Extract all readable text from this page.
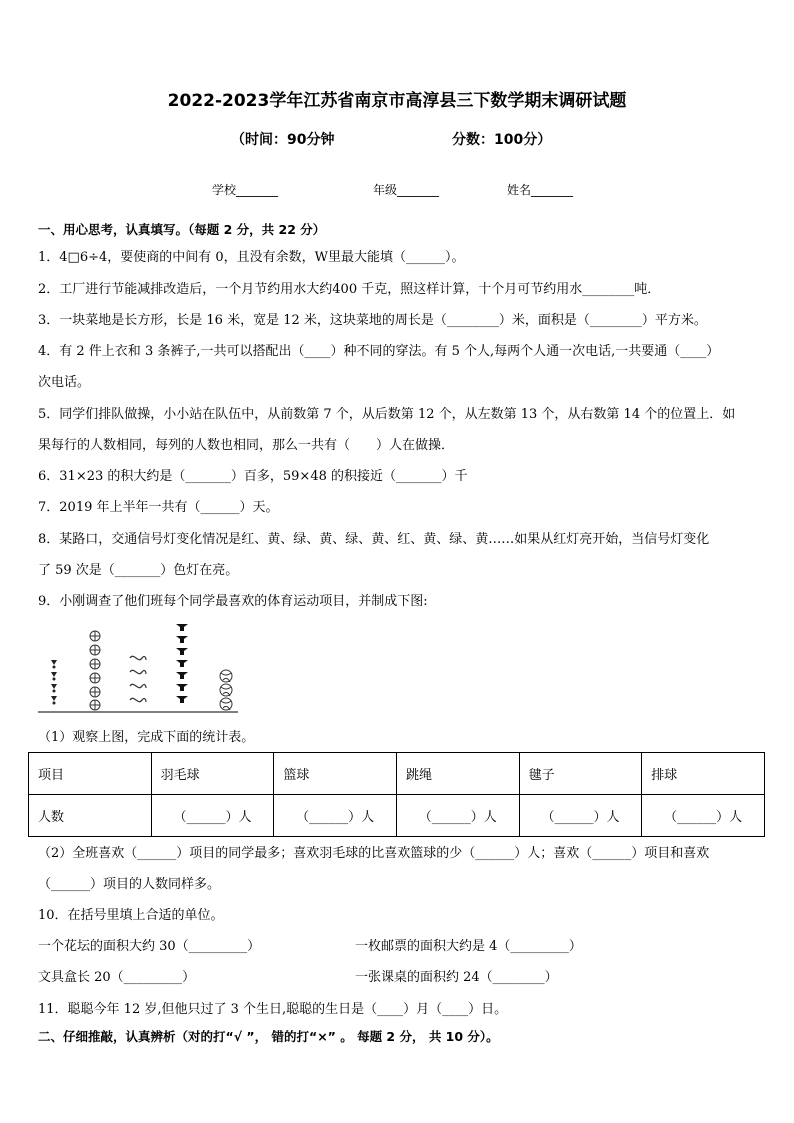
2022-2023学年江苏省南京市高淳县三下数学期末调研试题
（时间：90分钟	分数：100分）
学校_______	年级_______	姓名_______
一、用心思考，认真填写。（每题 2 分，共 22 分）
1．4□6÷4，要使商的中间有 0，且没有余数，W里最大能填（______）。
2．工厂进行节能减排改造后，一个月节约用水大约400 千克，照这样计算，十个月可节约用水________吨．
3．一块菜地是长方形，长是 16 米，宽是 12 米，这块菜地的周长是（________）米，面积是（________）平方米。
4．有 2 件上衣和 3 条裤子,一共可以搭配出（____）种不同的穿法。有 5 个人,每两个人通一次电话,一共要通（____）
次电话。
5．同学们排队做操，小小站在队伍中，从前数第 7 个，从后数第 12 个，从左数第 13 个，从右数第 14 个的位置上．如
果每行的人数相同，每列的人数也相同，那么一共有（　　）人在做操．
6．31×23 的积大约是（_______）百多，59×48 的积接近（_______）千
7．2019 年上半年一共有（______）天。
8．某路口，交通信号灯变化情况是红、黄、绿、黄、绿、黄、红、黄、绿、黄……如果从红灯亮开始，当信号灯变化
了 59 次是（_______）色灯在亮。
9．小刚调查了他们班每个同学最喜欢的体育运动项目，并制成下图:
（1）观察上图，完成下面的统计表。
项目	羽毛球	篮球	跳绳	毽子	排球
人数	（______）人	（______）人	（______）人	（______）人	（______）人
（2）全班喜欢（______）项目的同学最多；喜欢羽毛球的比喜欢篮球的少（______）人；喜欢（______）项目和喜欢
（______）项目的人数同样多。
10．在括号里填上合适的单位。
一个花坛的面积大约 30（_________）	一枚邮票的面积大约是 4（_________）
文具盒长 20（_________）	一张课桌的面积约 24（________）
11．聪聪今年 12 岁,但他只过了 3 个生日,聪聪的生日是（____）月（____）日。
二、仔细推敲，认真辨析（对的打“√ ”， 错的打“×” 。 每题 2 分， 共 10 分）。
